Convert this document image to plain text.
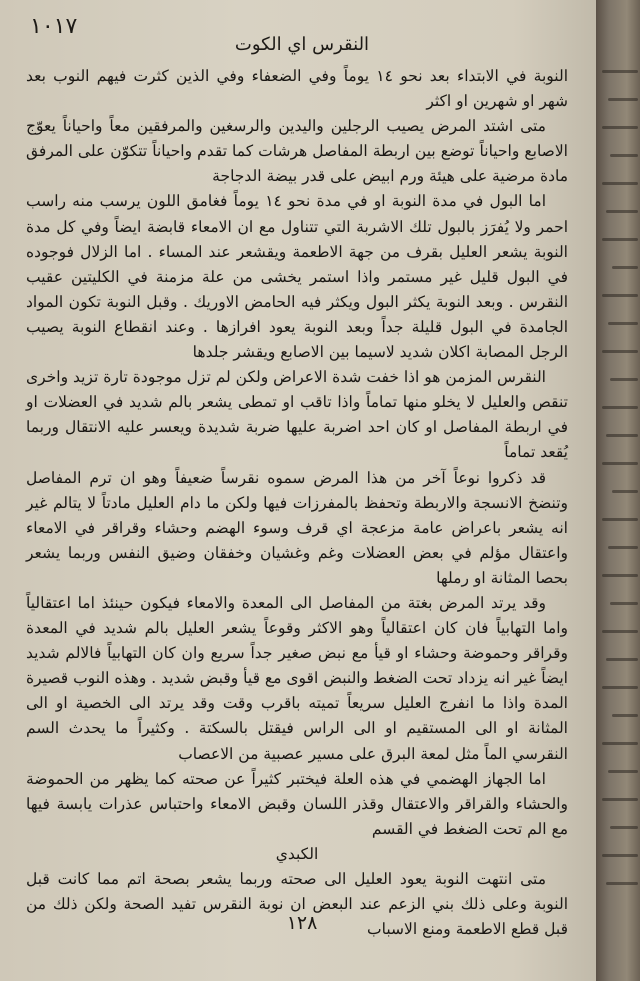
١٠١٧
النقرس اي الكوت

النوبة في الابتداء بعد نحو ١٤ يوماً وفي الضعفاء وفي الذين كثرت فيهم النوب بعد شهر او شهرين او اكثر

متى اشتد المرض يصيب الرجلين واليدين والرسغين والمرفقين معاً واحياناً يعوّج الاصابع واحياناً توضع بين اربطة المفاصل هرشات كما تقدم واحياناً تتكوّن على المرفق مادة مرضية على هيئة ورم ابيض على قدر بيضة الدجاجة

اما البول في مدة النوبة او في مدة نحو ١٤ يوماً فغامق اللون يرسب منه راسب احمر ولا يُفرَز بالبول تلك الاشربة التي تتناول مع ان الامعاء قابضة ايضاً وفي كل مدة النوبة يشعر العليل بقرف من جهة الاطعمة ويقشعر عند المساء . اما الزلال فوجوده في البول قليل غير مستمر واذا استمر يخشى من علة مزمنة في الكليتين عقيب النقرس . وبعد النوبة يكثر البول ويكثر فيه الحامض الاوريك . وقبل النوبة تكون المواد الجامدة في البول قليلة جداً وبعد النوبة يعود افرازها . وعند انقطاع النوبة يصيب الرجل المصابة اكلان شديد لاسيما بين الاصابع ويقشر جلدها

النقرس المزمن هو اذا خفت شدة الاعراض ولكن لم تزل موجودة تارة تزيد واخرى تنقص والعليل لا يخلو منها تماماً واذا تاقب او تمطى يشعر بالم شديد في العضلات او في اربطة المفاصل او كان احد اضربة عليها ضربة شديدة ويعسر عليه الانتقال وربما يُقعد تماماً

قد ذكروا نوعاً آخر من هذا المرض سموه نقرساً ضعيفاً وهو ان ترم المفاصل وتنضخ الانسجة والاربطة وتحفظ بالمفرزات فيها ولكن ما دام العليل مادتاً لا يتالم غير انه يشعر باعراض عامة مزعجة اي قرف وسوء الهضم وحشاء وقراقر في الامعاء واعتقال مؤلم في بعض العضلات وغم وغشيان وخفقان وضيق النفس وربما يشعر بحصا المثانة او رملها

وقد يرتد المرض بغتة من المفاصل الى المعدة والامعاء فيكون حينئذ اما اعتقالياً واما التهابياً فان كان اعتقالياً وهو الاكثر وقوعاً يشعر العليل بالم شديد في المعدة وقراقر وحموضة وحشاء او قيأ مع نبض صغير جداً سريع وان كان التهابياً فالالم شديد ايضاً غير انه يزداد تحت الضغط والنبض اقوى مع قيأ وقبض شديد . وهذه النوب قصيرة المدة واذا ما انفرج العليل سريعاً تميته باقرب وقت وقد يرتد الى الخصية او الى المثانة او الى المستقيم او الى الراس فيقتل بالسكتة . وكثيراً ما يحدث السم النقرسي الماً مثل لمعة البرق على مسير عصبية من الاعصاب

اما الجهاز الهضمي في هذه العلة فيختبر كثيراً عن صحته كما يظهر من الحموضة والحشاء والقراقر والاعتقال وقذر اللسان وقبض الامعاء واحتباس عذرات يابسة فيها مع الم تحت الضغط في القسم

الكبدي

متى انتهت النوبة يعود العليل الى صحته وربما يشعر بصحة اتم مما كانت قبل النوبة وعلى ذلك بني الزعم عند البعض ان نوبة النقرس تفيد الصحة ولكن ذلك من قبل قطع الاطعمة ومنع الاسباب

١٢٨
